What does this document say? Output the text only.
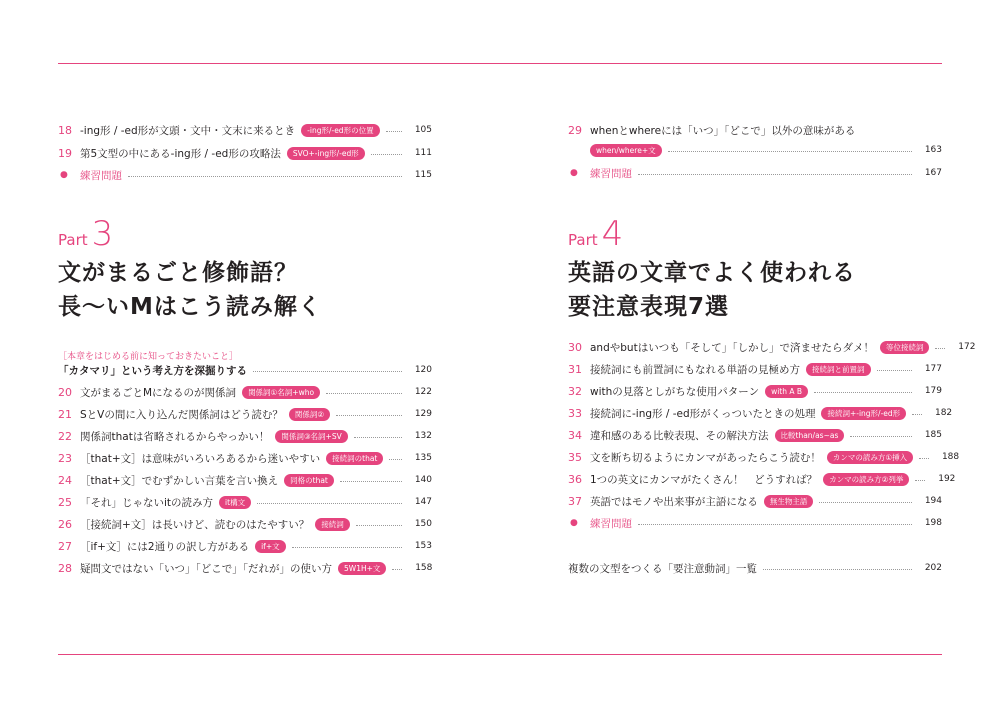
18 -ing形 / -ed形が文頭・文中・文末に来るとき	-ing形/-ed形の位置	105
19 第5文型の中にある-ing形 / -ed形の攻略法	SVO+-ing形/-ed形	111
●	練習問題	115
Part 3
文がまるごと修飾語？
長～いMはこう読み解く
［本章をはじめる前に知っておきたいこと］
「カタマリ」という考え方を深掘りする	120
20 文がまるごとMになるのが関係詞	関係詞①名詞+who	122
21 SとVの間に入り込んだ関係詞はどう読む？	関係詞②	129
22 関係詞thatは省略されるからやっかい！	関係詞③名詞+SV	132
23 ［that+文］は意味がいろいろあるから迷いやすい	接続詞のthat	135
24 ［that+文］でむずかしい言葉を言い換え	同格のthat	140
25 「それ」じゃないitの読み方	it構文	147
26 ［接続詞+文］は長いけど、読むのはたやすい？	接続詞	150
27 ［if+文］には2通りの訳し方がある	if+文	153
28 疑問文ではない「いつ」「どこで」「だれが」の使い方	5W1H+文	158
29 whenとwhereには「いつ」「どこで」以外の意味がある
when/where+文	163
●	練習問題	167
Part 4
英語の文章でよく使われる
要注意表現7選
30 andやbutはいつも「そして」「しかし」で済ませたらダメ！	等位接続詞	172
31 接続詞にも前置詞にもなれる単語の見極め方	接続詞と前置詞	177
32 withの見落としがちな使用パターン	with A B	179
33 接続詞に-ing形 / -ed形がくっついたときの処理	接続詞+-ing形/-ed形	182
34 違和感のある比較表現、その解決方法	比較than/as~as	185
35 文を断ち切るようにカンマがあったらこう読む！	カンマの読み方①挿入	188
36 1つの英文にカンマがたくさん！　どうすれば？	カンマの読み方②列挙	192
37 英語ではモノや出来事が主語になる	無生物主語	194
●	練習問題	198
複数の文型をつくる「要注意動詞」一覧	202
